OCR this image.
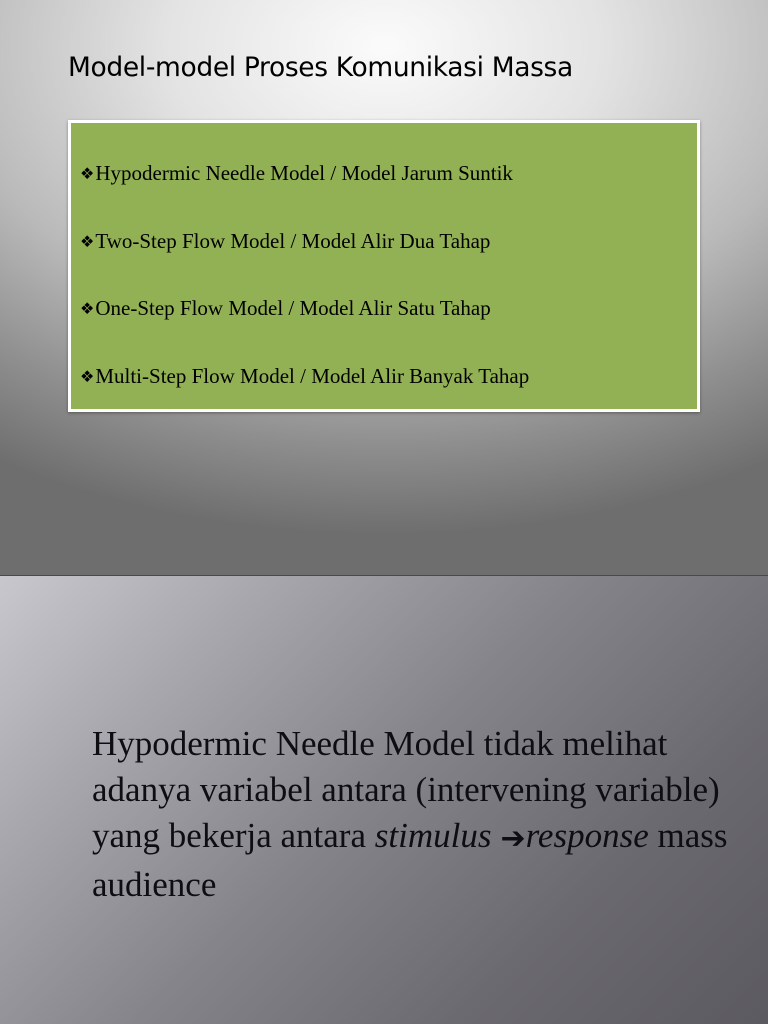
Model-model Proses Komunikasi Massa
❖Hypodermic Needle Model / Model Jarum Suntik
❖Two-Step Flow Model / Model Alir Dua Tahap
❖One-Step Flow Model / Model Alir Satu Tahap
❖Multi-Step Flow Model / Model Alir Banyak Tahap

Hypodermic Needle Model tidak melihat adanya variabel antara (intervening variable) yang bekerja antara stimulus ➔response mass audience
